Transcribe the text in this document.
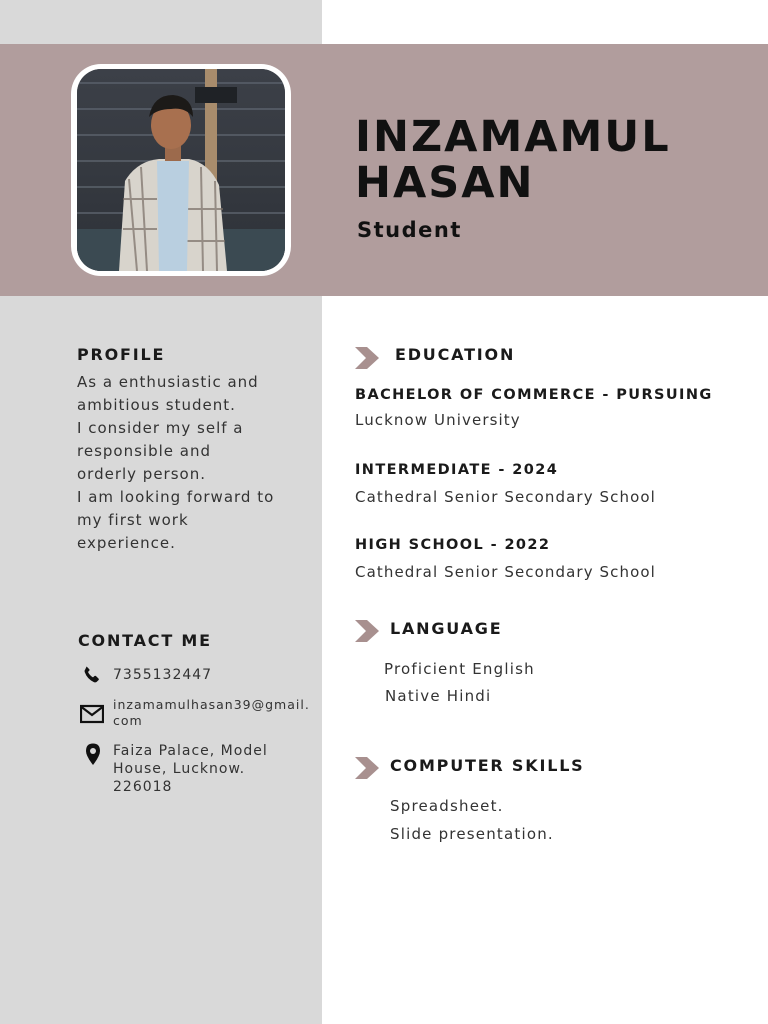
INZAMAMUL
HASAN
Student
PROFILE
As a enthusiastic and
ambitious student.
I consider my self a
responsible and
orderly person.
I am looking forward to
my first work
experience.
CONTACT ME
7355132447
inzamamulhasan39@gmail.
com
Faiza Palace, Model
House, Lucknow.
226018
EDUCATION
BACHELOR OF COMMERCE - PURSUING
Lucknow University
INTERMEDIATE - 2024
Cathedral Senior Secondary School
HIGH SCHOOL - 2022
Cathedral Senior Secondary School
LANGUAGE
Proficient English
Native Hindi
COMPUTER SKILLS
Spreadsheet.
Slide presentation.
